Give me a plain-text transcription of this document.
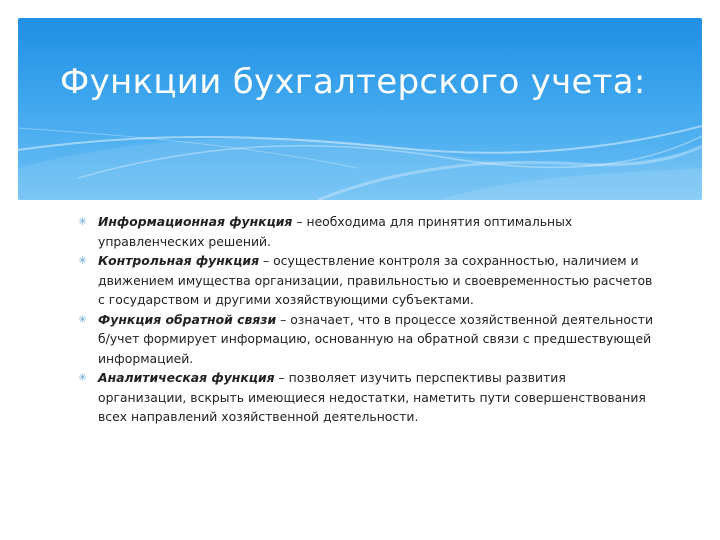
Функции бухгалтерского учета:
✳ Информационная функция – необходима для принятия оптимальных управленческих решений.
✳ Контрольная функция – осуществление контроля за сохранностью, наличием и движением имущества организации, правильностью и своевременностью расчетов с государством и другими хозяйствующими субъектами.
✳ Функция обратной связи – означает, что в процессе хозяйственной деятельности б/учет формирует информацию, основанную на обратной связи с предшествующей информацией.
✳ Аналитическая функция – позволяет изучить перспективы развития организации, вскрыть имеющиеся недостатки, наметить пути совершенствования всех направлений хозяйственной деятельности.
